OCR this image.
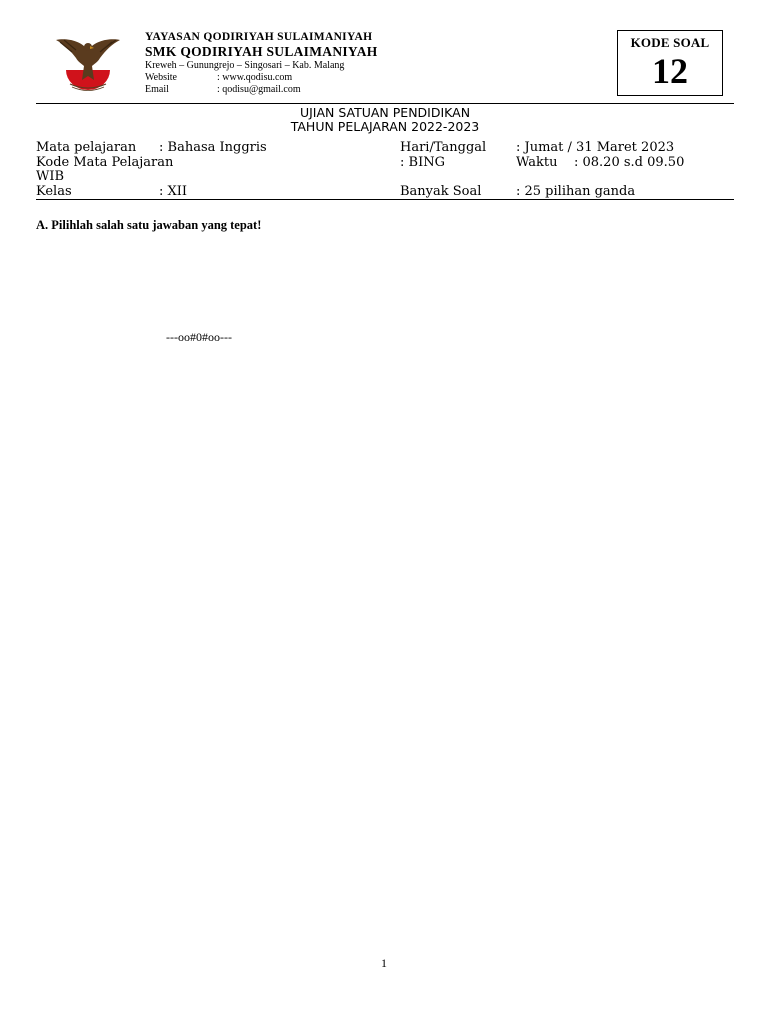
YAYASAN QODIRIYAH SULAIMANIYAH
SMK QODIRIYAH SULAIMANIYAH
Kreweh – Gunungrejo – Singosari – Kab. Malang
Website	: www.qodisu.com
Email	: qodisu@gmail.com
KODE SOAL
12
UJIAN SATUAN PENDIDIKAN
TAHUN PELAJARAN 2022-2023
Mata pelajaran : Bahasa Inggris	Hari/Tanggal : Jumat / 31 Maret 2023
Kode Mata Pelajaran	: BING	Waktu : 08.20 s.d 09.50
WIB
Kelas	: XII	Banyak Soal	: 25 pilihan ganda
A. Pilihlah salah satu jawaban yang tepat!
---oo#0#oo---
1
